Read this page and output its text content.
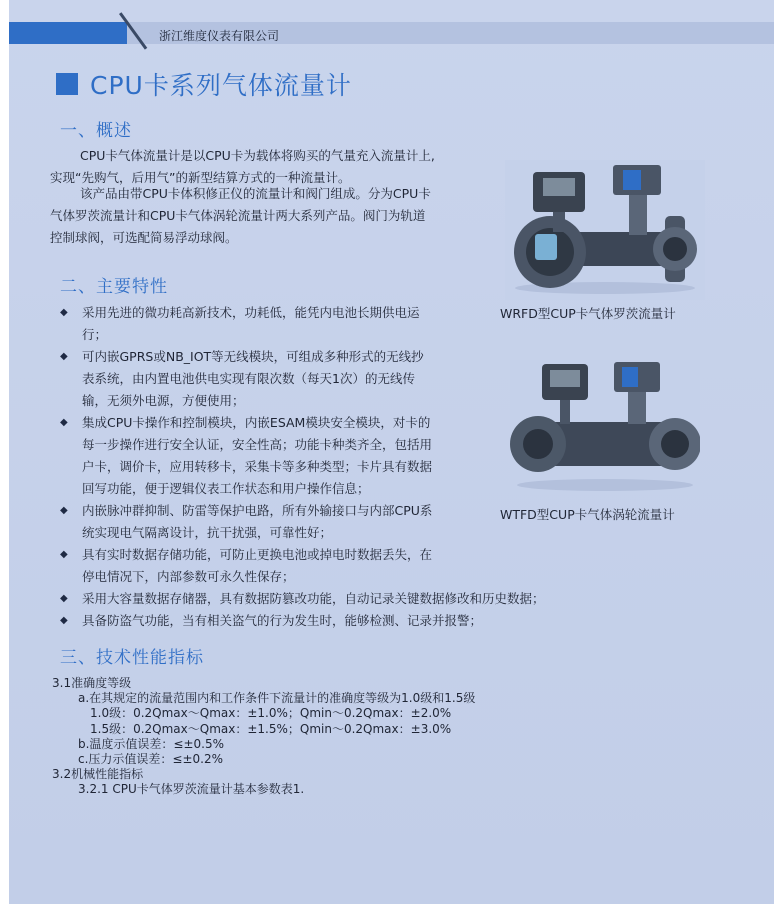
浙江维度仪表有限公司
CPU卡系列气体流量计
一、概述
CPU卡气体流量计是以CPU卡为载体将购买的气量充入流量计上,
实现“先购气，后用气”的新型结算方式的一种流量计。
该产品由带CPU卡体积修正仪的流量计和阀门组成。分为CPU卡
气体罗茨流量计和CPU卡气体涡轮流量计两大系列产品。阀门为轨道
控制球阀，可选配简易浮动球阀。
二、主要特性
◆ 采用先进的微功耗高新技术，功耗低，能凭内电池长期供电运
行；
◆ 可内嵌GPRS或NB_IOT等无线模块，可组成多种形式的无线抄
表系统，由内置电池供电实现有限次数（每天1次）的无线传
输，无须外电源，方便使用；
◆ 集成CPU卡操作和控制模块，内嵌ESAM模块安全模块，对卡的
每一步操作进行安全认证，安全性高；功能卡种类齐全，包括用
户卡，调价卡，应用转移卡，采集卡等多种类型；卡片具有数据
回写功能，便于逻辑仪表工作状态和用户操作信息；
◆ 内嵌脉冲群抑制、防雷等保护电路，所有外输接口与内部CPU系
统实现电气隔离设计，抗干扰强，可靠性好；
◆ 具有实时数据存储功能，可防止更换电池或掉电时数据丢失，在
停电情况下，内部参数可永久性保存；
◆ 采用大容量数据存储器，具有数据防篡改功能，自动记录关键数据修改和历史数据；
◆ 具备防盗气功能，当有相关盗气的行为发生时，能够检测、记录并报警；
WRFD型CUP卡气体罗茨流量计
WTFD型CUP卡气体涡轮流量计
三、技术性能指标
3.1准确度等级
a.在其规定的流量范围内和工作条件下流量计的准确度等级为1.0级和1.5级
1.0级：0.2Qmax～Qmax：±1.0%；Qmin～0.2Qmax：±2.0%
1.5级：0.2Qmax～Qmax：±1.5%；Qmin～0.2Qmax：±3.0%
b.温度示值误差：≤±0.5%
c.压力示值误差：≤±0.2%
3.2机械性能指标
3.2.1 CPU卡气体罗茨流量计基本参数表1.
